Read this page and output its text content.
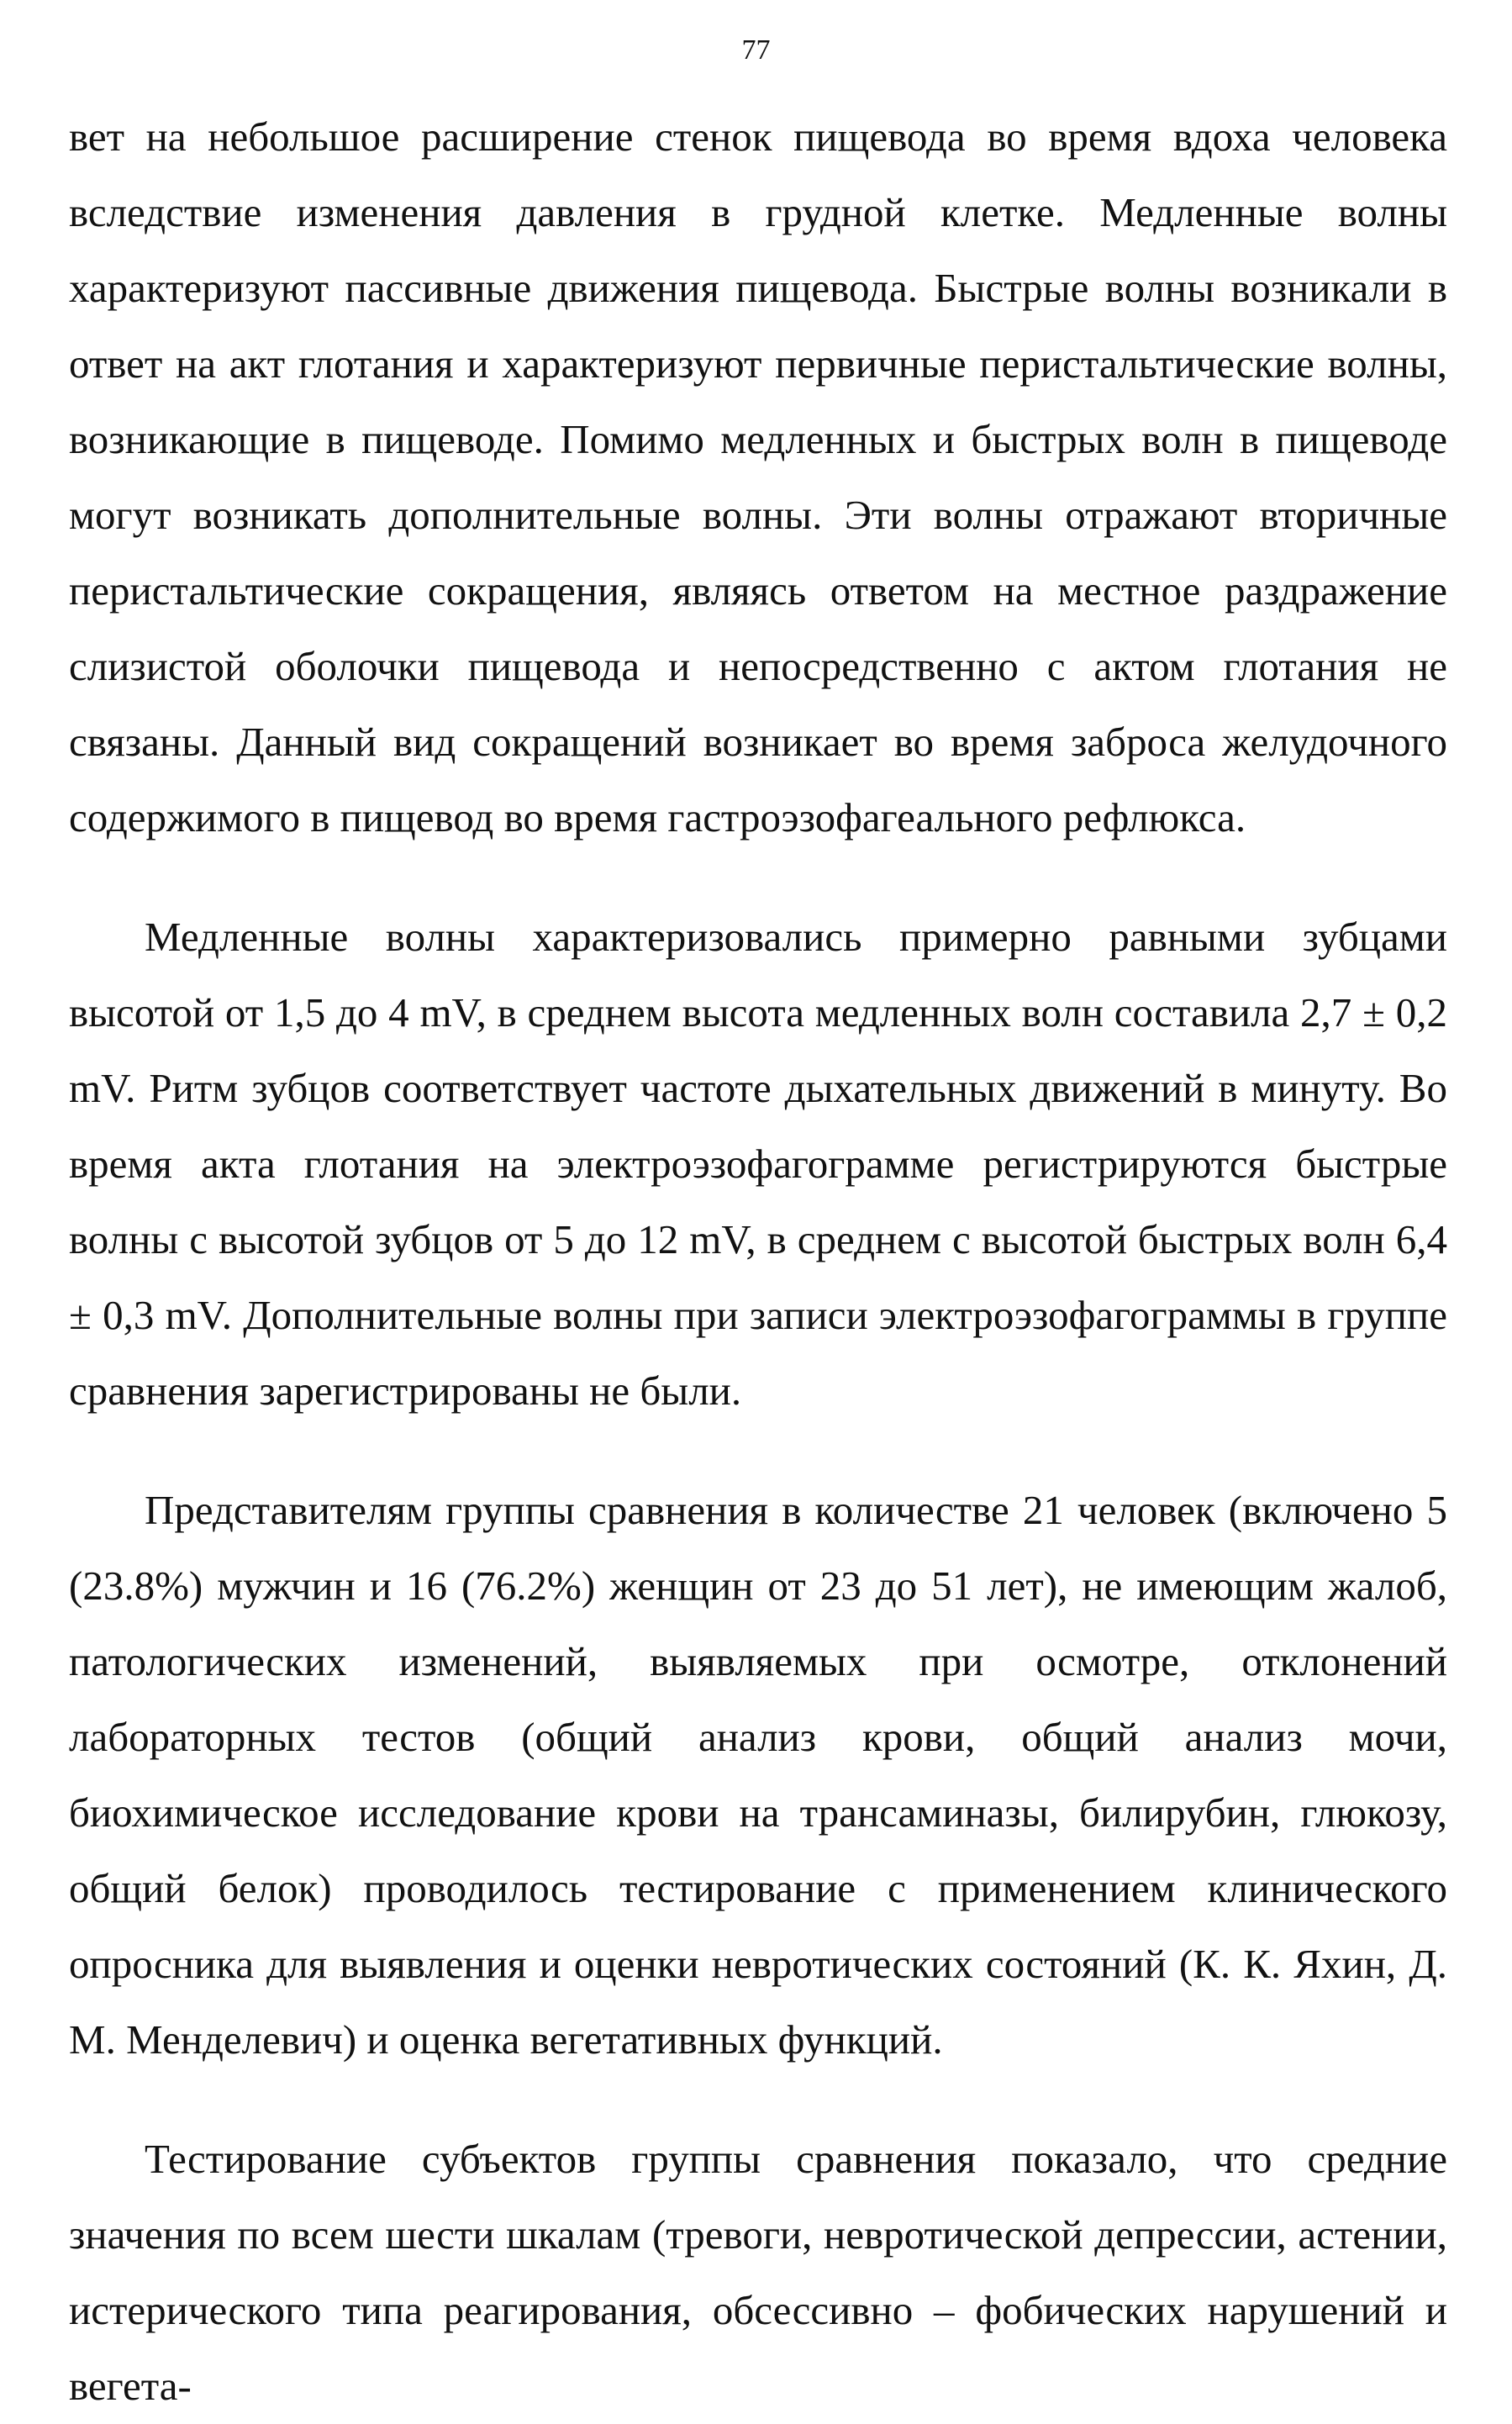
77

вет на небольшое расширение стенок пищевода во время вдоха человека вследствие изменения давления в грудной клетке. Медленные волны характеризуют пассивные движения пищевода. Быстрые волны возникали в ответ на акт глотания и характеризуют первичные перистальтические волны, возникающие в пищеводе. Помимо медленных и быстрых волн в пищеводе могут возникать дополнительные волны. Эти волны отражают вторичные перистальтические сокращения, являясь ответом на местное раздражение слизистой оболочки пищевода и непосредственно с актом глотания не связаны. Данный вид сокращений возникает во время заброса желудочного содержимого в пищевод во время гастроэзофагеального рефлюкса.

Медленные волны характеризовались примерно равными зубцами высотой от 1,5 до 4 mV, в среднем высота медленных волн составила 2,7 ± 0,2 mV. Ритм зубцов соответствует частоте дыхательных движений в минуту. Во время акта глотания на электроэзофагограмме регистрируются быстрые волны с высотой зубцов от 5 до 12 mV, в среднем с высотой быстрых волн 6,4 ± 0,3 mV. Дополнительные волны при записи электроэзофагограммы в группе сравнения зарегистрированы не были.

Представителям группы сравнения в количестве 21 человек (включено 5 (23.8%) мужчин и 16 (76.2%) женщин от 23 до 51 лет), не имеющим жалоб, патологических изменений, выявляемых при осмотре, отклонений лабораторных тестов (общий анализ крови, общий анализ мочи, биохимическое исследование крови на трансаминазы, билирубин, глюкозу, общий белок) проводилось тестирование с применением клинического опросника для выявления и оценки невротических состояний (К. К. Яхин, Д. М. Менделевич) и оценка вегетативных функций.

Тестирование субъектов группы сравнения показало, что средние значения по всем шести шкалам (тревоги, невротической депрессии, астении, истерического типа реагирования, обсессивно – фобических нарушений и вегета-
